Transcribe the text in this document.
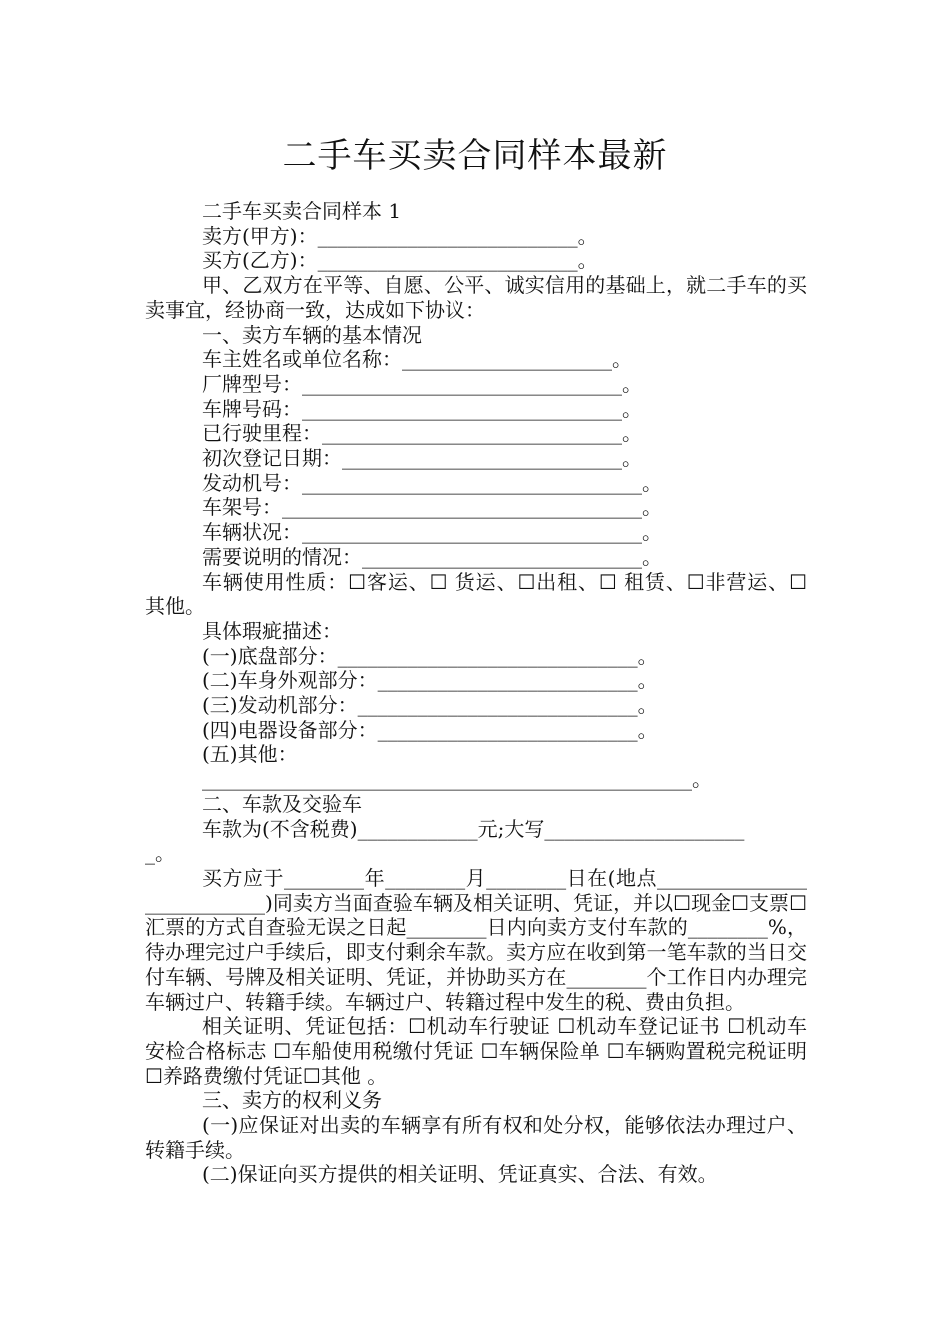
二手车买卖合同样本最新

二手车买卖合同样本 1

卖方(甲方)：__________________________。

买方(乙方)：__________________________。

甲、乙双方在平等、自愿、公平、诚实信用的基础上，就二手车的买卖事宜，经协商一致，达成如下协议：

一、卖方车辆的基本情况

车主姓名或单位名称：_____________________。

厂牌型号：________________________________。

车牌号码：________________________________。

已行驶里程：______________________________。

初次登记日期：____________________________。

发动机号：__________________________________。

车架号：____________________________________。

车辆状况：__________________________________。

需要说明的情况：____________________________。

车辆使用性质：☐客运、☐ 货运、☐出租、☐ 租赁、☐非营运、☐ 其他。

具体瑕疵描述：

(一)底盘部分：______________________________。

(二)车身外观部分：__________________________。

(三)发动机部分：____________________________。

(四)电器设备部分：__________________________。

(五)其他：

_________________________________________________。

二、车款及交验车

车款为(不含税费)____________元;大写____________________

_。

买方应于________年________月________日在(地点___________________________)同卖方当面查验车辆及相关证明、凭证，并以☐现金☐支票☐汇票的方式自查验无误之日起________日内向卖方支付车款的________%，待办理完过户手续后，即支付剩余车款。卖方应在收到第一笔车款的当日交付车辆、号牌及相关证明、凭证，并协助买方在________个工作日内办理完车辆过户、转籍手续。车辆过户、转籍过程中发生的税、费由负担。

相关证明、凭证包括：☐机动车行驶证 ☐机动车登记证书 ☐机动车安检合格标志 ☐车船使用税缴付凭证 ☐车辆保险单 ☐车辆购置税完税证明 ☐养路费缴付凭证☐其他 。

三、卖方的权利义务

(一)应保证对出卖的车辆享有所有权和处分权，能够依法办理过户、转籍手续。

(二)保证向买方提供的相关证明、凭证真实、合法、有效。
